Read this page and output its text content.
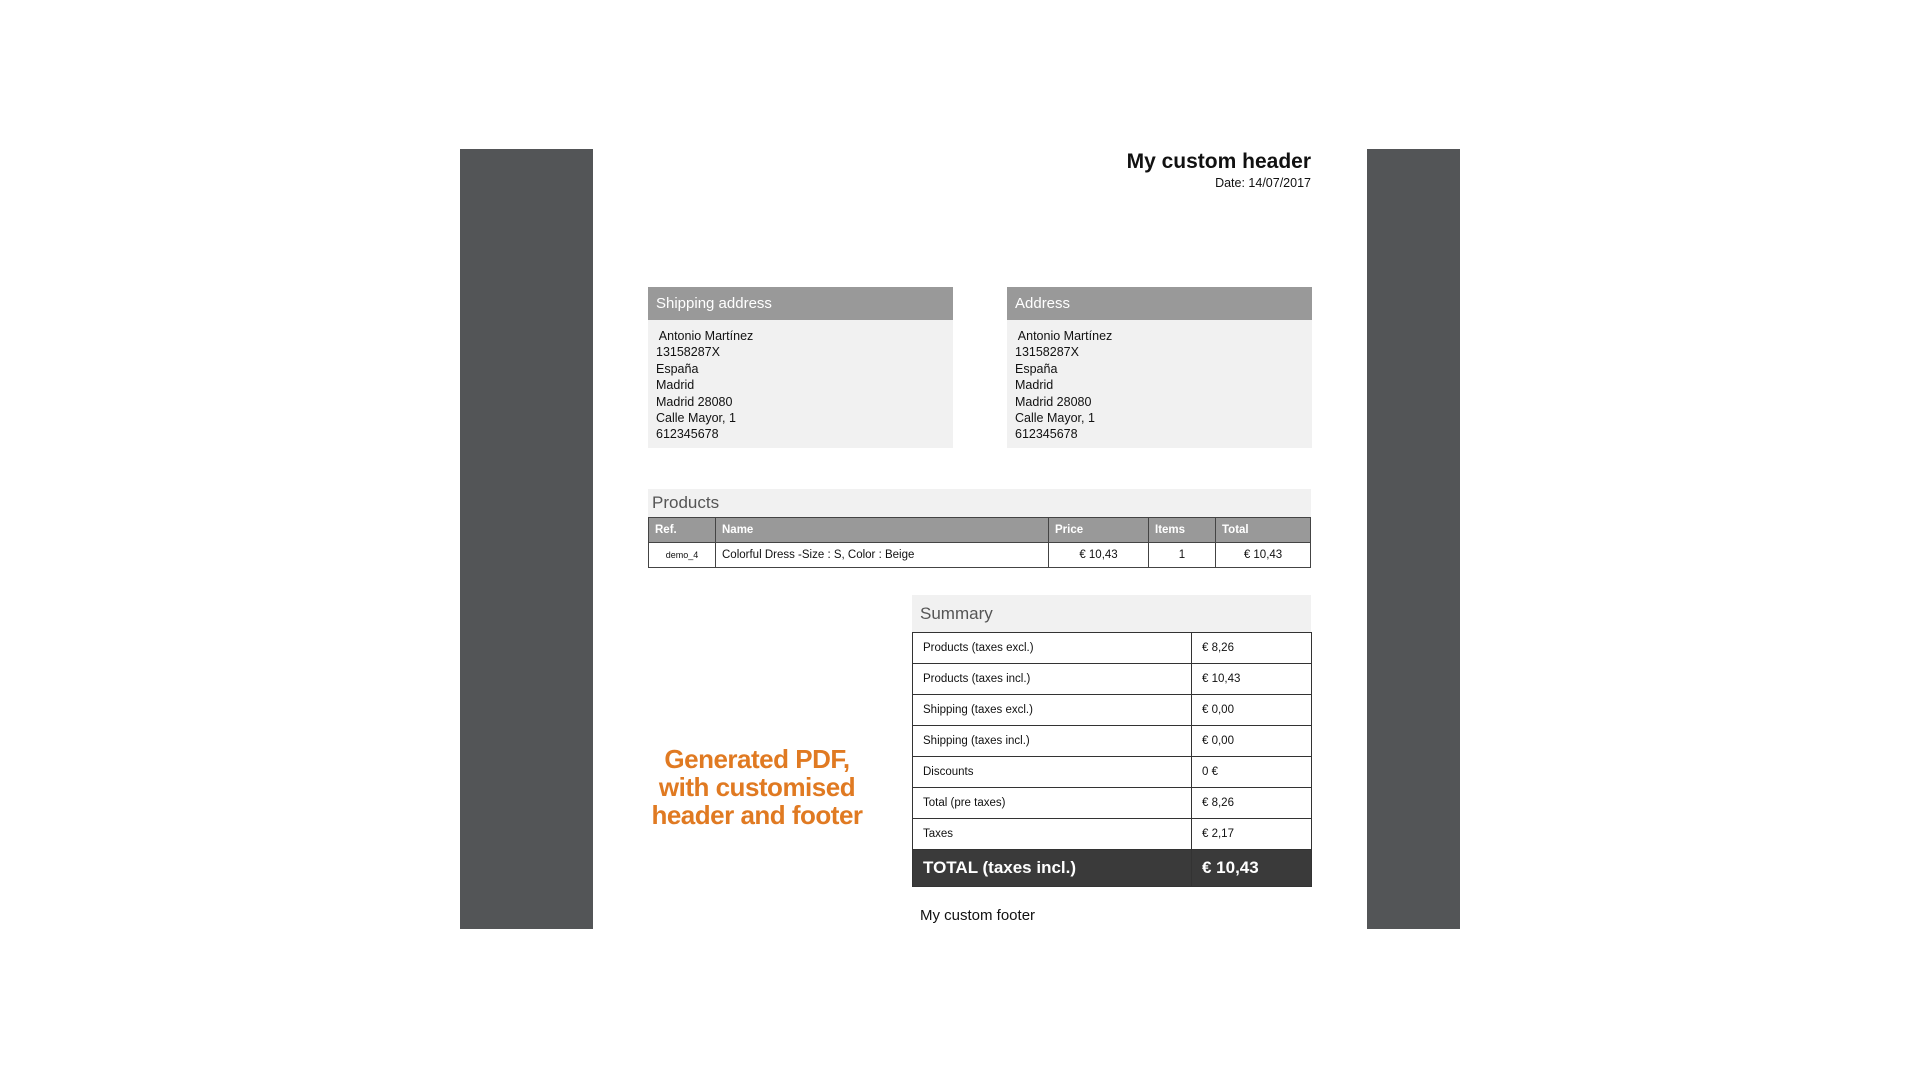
My custom header
Date: 14/07/2017
Shipping address
Antonio Martínez
13158287X
España
Madrid
Madrid 28080
Calle Mayor, 1
612345678
Address
Antonio Martínez
13158287X
España
Madrid
Madrid 28080
Calle Mayor, 1
612345678
Products
Ref.	Name	Price	Items	Total
demo_4	Colorful Dress -Size : S, Color : Beige	€ 10,43	1	€ 10,43
Summary
Products (taxes excl.)	€ 8,26
Products (taxes incl.)	€ 10,43
Shipping (taxes excl.)	€ 0,00
Shipping (taxes incl.)	€ 0,00
Discounts	0 €
Total (pre taxes)	€ 8,26
Taxes	€ 2,17
TOTAL (taxes incl.)	€ 10,43
Generated PDF,
with customised
header and footer
My custom footer
